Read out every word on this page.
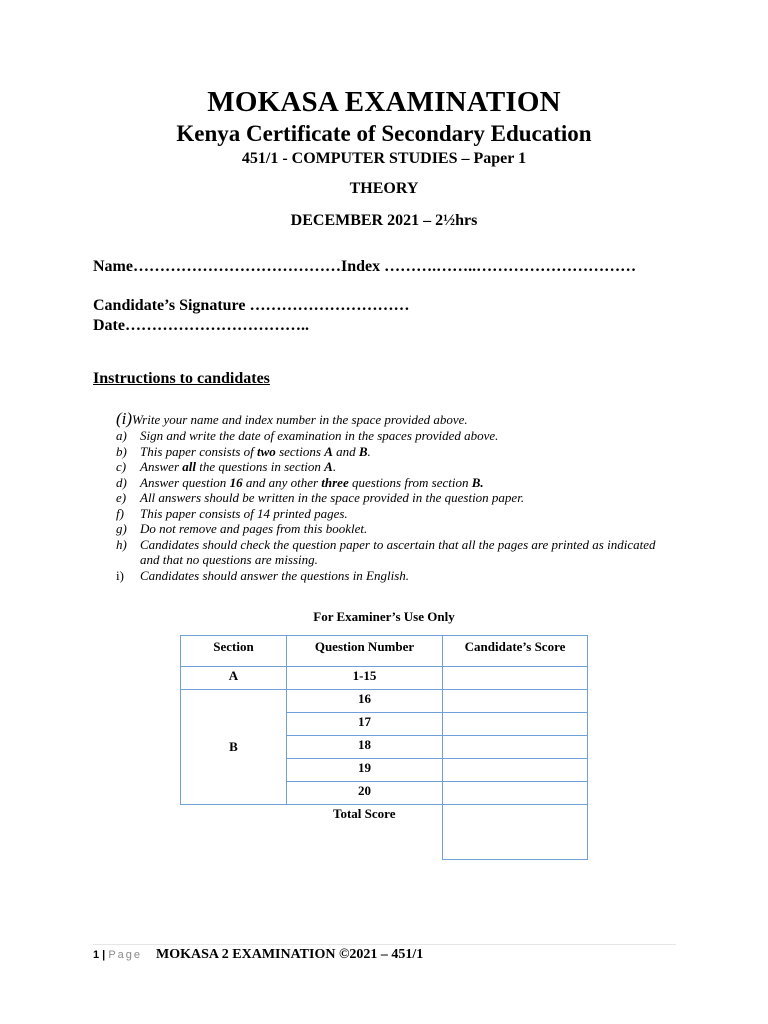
MOKASA EXAMINATION
Kenya Certificate of Secondary Education
451/1 - COMPUTER STUDIES – Paper 1
THEORY
DECEMBER 2021 – 2½hrs
Name…………………………………Index ……….……..…………………………
Candidate’s Signature …………………………
Date……………………………..
Instructions to candidates
(i)Write your name and index number in the space provided above.
a) Sign and write the date of examination in the spaces provided above.
b) This paper consists of two sections A and B.
c) Answer all the questions in section A.
d) Answer question 16 and any other three questions from section B.
e) All answers should be written in the space provided in the question paper.
f) This paper consists of 14 printed pages.
g) Do not remove and pages from this booklet.
h) Candidates should check the question paper to ascertain that all the pages are printed as indicated and that no questions are missing.
i) Candidates should answer the questions in English.
For Examiner’s Use Only
Section	Question Number	Candidate’s Score
A	1-15	
B	16	
	17	
	18	
	19	
	20	
	Total Score	
1 | Page MOKASA 2 EXAMINATION ©2021 – 451/1
